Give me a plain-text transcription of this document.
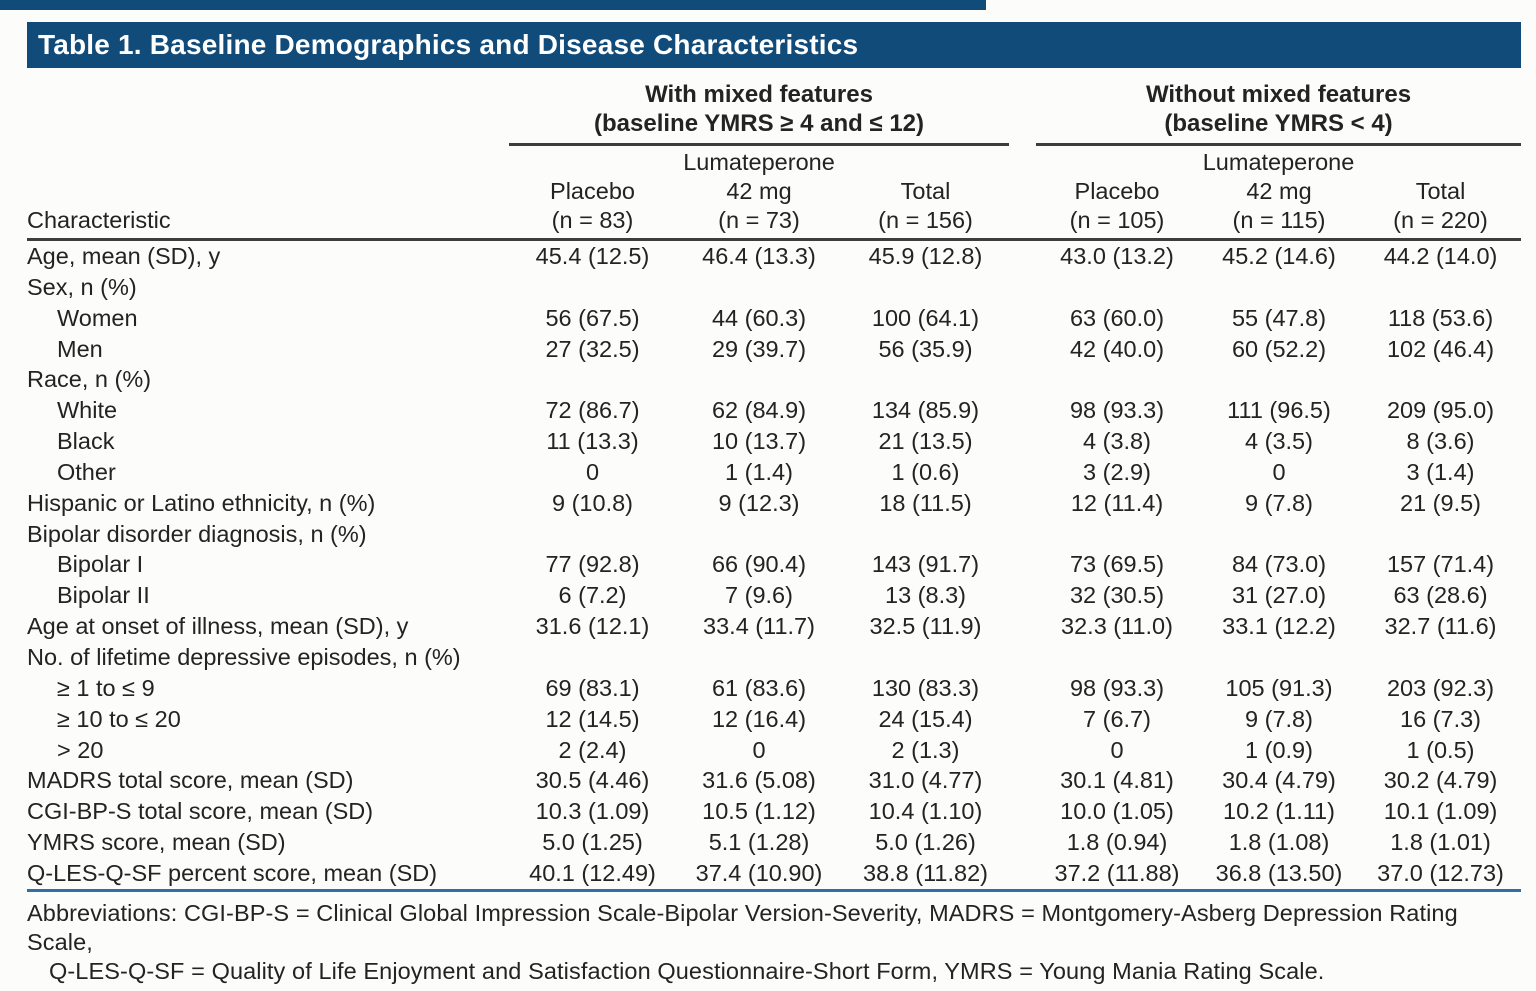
Table 1. Baseline Demographics and Disease Characteristics
	With mixed features
(baseline YMRS ≥ 4 and ≤ 12)				Without mixed features
(baseline YMRS < 4)		

	Lumateperone				Lumateperone		
	Placebo	42 mg	Total		Placebo	42 mg	Total
Characteristic	(n = 83)	(n = 73)	(n = 156)		(n = 105)	(n = 115)	(n = 220)
Age, mean (SD), y	45.4 (12.5)	46.4 (13.3)	45.9 (12.8)		43.0 (13.2)	45.2 (14.6)	44.2 (14.0)
Sex, n (%)							
Women	56 (67.5)	44 (60.3)	100 (64.1)		63 (60.0)	55 (47.8)	118 (53.6)
Men	27 (32.5)	29 (39.7)	56 (35.9)		42 (40.0)	60 (52.2)	102 (46.4)
Race, n (%)							
White	72 (86.7)	62 (84.9)	134 (85.9)		98 (93.3)	111 (96.5)	209 (95.0)
Black	11 (13.3)	10 (13.7)	21 (13.5)		4 (3.8)	4 (3.5)	8 (3.6)
Other	0	1 (1.4)	1 (0.6)		3 (2.9)	0	3 (1.4)
Hispanic or Latino ethnicity, n (%)	9 (10.8)	9 (12.3)	18 (11.5)		12 (11.4)	9 (7.8)	21 (9.5)
Bipolar disorder diagnosis, n (%)							
Bipolar I	77 (92.8)	66 (90.4)	143 (91.7)		73 (69.5)	84 (73.0)	157 (71.4)
Bipolar II	6 (7.2)	7 (9.6)	13 (8.3)		32 (30.5)	31 (27.0)	63 (28.6)
Age at onset of illness, mean (SD), y	31.6 (12.1)	33.4 (11.7)	32.5 (11.9)		32.3 (11.0)	33.1 (12.2)	32.7 (11.6)
No. of lifetime depressive episodes, n (%)							
≥ 1 to ≤ 9	69 (83.1)	61 (83.6)	130 (83.3)		98 (93.3)	105 (91.3)	203 (92.3)
≥ 10 to ≤ 20	12 (14.5)	12 (16.4)	24 (15.4)		7 (6.7)	9 (7.8)	16 (7.3)
> 20	2 (2.4)	0	2 (1.3)		0	1 (0.9)	1 (0.5)
MADRS total score, mean (SD)	30.5 (4.46)	31.6 (5.08)	31.0 (4.77)		30.1 (4.81)	30.4 (4.79)	30.2 (4.79)
CGI-BP-S total score, mean (SD)	10.3 (1.09)	10.5 (1.12)	10.4 (1.10)		10.0 (1.05)	10.2 (1.11)	10.1 (1.09)
YMRS score, mean (SD)	5.0 (1.25)	5.1 (1.28)	5.0 (1.26)		1.8 (0.94)	1.8 (1.08)	1.8 (1.01)
Q-LES-Q-SF percent score, mean (SD)	40.1 (12.49)	37.4 (10.90)	38.8 (11.82)		37.2 (11.88)	36.8 (13.50)	37.0 (12.73)
Abbreviations: CGI-BP-S = Clinical Global Impression Scale-Bipolar Version-Severity, MADRS = Montgomery-Asberg Depression Rating Scale,
Q-LES-Q-SF = Quality of Life Enjoyment and Satisfaction Questionnaire-Short Form, YMRS = Young Mania Rating Scale.
